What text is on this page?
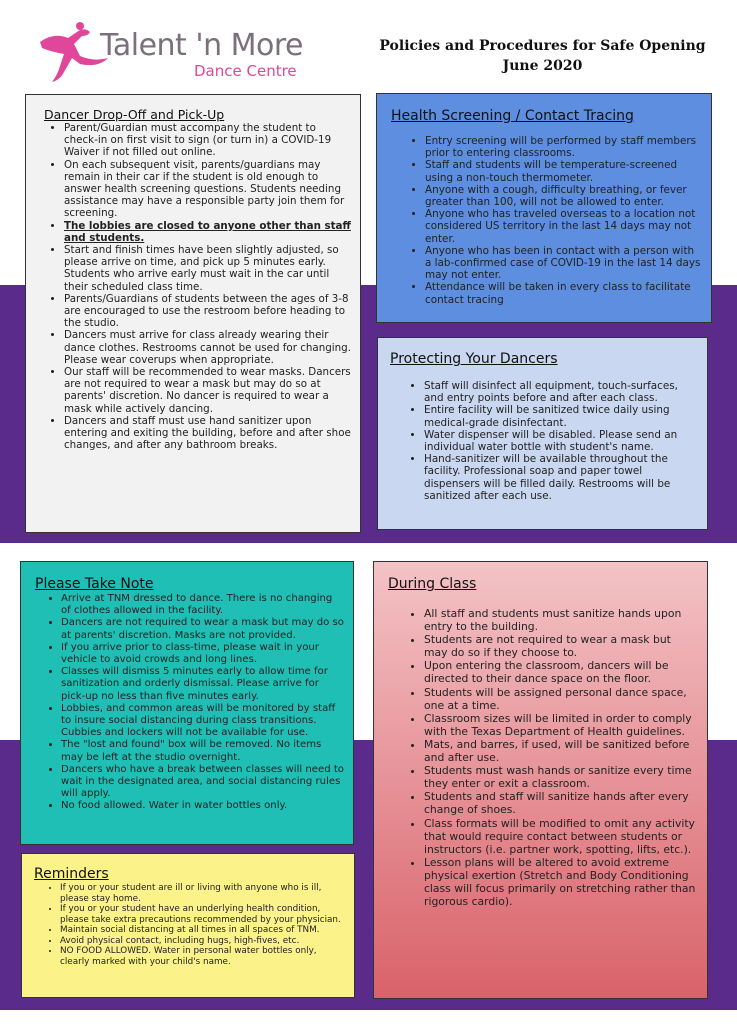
Talent 'n More
Dance Centre
Policies and Procedures for Safe Opening
June 2020
Dancer Drop-Off and Pick-Up
• Parent/Guardian must accompany the student to check-in on first visit to sign (or turn in) a COVID-19 Waiver if not filled out online.
• On each subsequent visit, parents/guardians may remain in their car if the student is old enough to answer health screening questions. Students needing assistance may have a responsible party join them for screening.
• The lobbies are closed to anyone other than staff and students.
• Start and finish times have been slightly adjusted, so please arrive on time, and pick up 5 minutes early. Students who arrive early must wait in the car until their scheduled class time.
• Parents/Guardians of students between the ages of 3-8 are encouraged to use the restroom before heading to the studio.
• Dancers must arrive for class already wearing their dance clothes. Restrooms cannot be used for changing. Please wear coverups when appropriate.
• Our staff will be recommended to wear masks. Dancers are not required to wear a mask but may do so at parents' discretion. No dancer is required to wear a mask while actively dancing.
• Dancers and staff must use hand sanitizer upon entering and exiting the building, before and after shoe changes, and after any bathroom breaks.
Health Screening / Contact Tracing
• Entry screening will be performed by staff members prior to entering classrooms.
• Staff and students will be temperature-screened using a non-touch thermometer.
• Anyone with a cough, difficulty breathing, or fever greater than 100, will not be allowed to enter.
• Anyone who has traveled overseas to a location not considered US territory in the last 14 days may not enter.
• Anyone who has been in contact with a person with a lab-confirmed case of COVID-19 in the last 14 days may not enter.
• Attendance will be taken in every class to facilitate contact tracing
Protecting Your Dancers
• Staff will disinfect all equipment, touch-surfaces, and entry points before and after each class.
• Entire facility will be sanitized twice daily using medical-grade disinfectant.
• Water dispenser will be disabled. Please send an individual water bottle with student's name.
• Hand-sanitizer will be available throughout the facility. Professional soap and paper towel dispensers will be filled daily. Restrooms will be sanitized after each use.
Please Take Note
• Arrive at TNM dressed to dance. There is no changing of clothes allowed in the facility.
• Dancers are not required to wear a mask but may do so at parents' discretion. Masks are not provided.
• If you arrive prior to class-time, please wait in your vehicle to avoid crowds and long lines.
• Classes will dismiss 5 minutes early to allow time for sanitization and orderly dismissal. Please arrive for pick-up no less than five minutes early.
• Lobbies, and common areas will be monitored by staff to insure social distancing during class transitions. Cubbies and lockers will not be available for use.
• The "lost and found" box will be removed. No items may be left at the studio overnight.
• Dancers who have a break between classes will need to wait in the designated area, and social distancing rules will apply.
• No food allowed. Water in water bottles only.
Reminders
• If you or your student are ill or living with anyone who is ill, please stay home.
• If you or your student have an underlying health condition, please take extra precautions recommended by your physician.
• Maintain social distancing at all times in all spaces of TNM.
• Avoid physical contact, including hugs, high-fives, etc.
• NO FOOD ALLOWED. Water in personal water bottles only, clearly marked with your child's name.
During Class
• All staff and students must sanitize hands upon entry to the building.
• Students are not required to wear a mask but may do so if they choose to.
• Upon entering the classroom, dancers will be directed to their dance space on the floor.
• Students will be assigned personal dance space, one at a time.
• Classroom sizes will be limited in order to comply with the Texas Department of Health guidelines.
• Mats, and barres, if used, will be sanitized before and after use.
• Students must wash hands or sanitize every time they enter or exit a classroom.
• Students and staff will sanitize hands after every change of shoes.
• Class formats will be modified to omit any activity that would require contact between students or instructors (i.e. partner work, spotting, lifts, etc.).
• Lesson plans will be altered to avoid extreme physical exertion (Stretch and Body Conditioning class will focus primarily on stretching rather than rigorous cardio).
